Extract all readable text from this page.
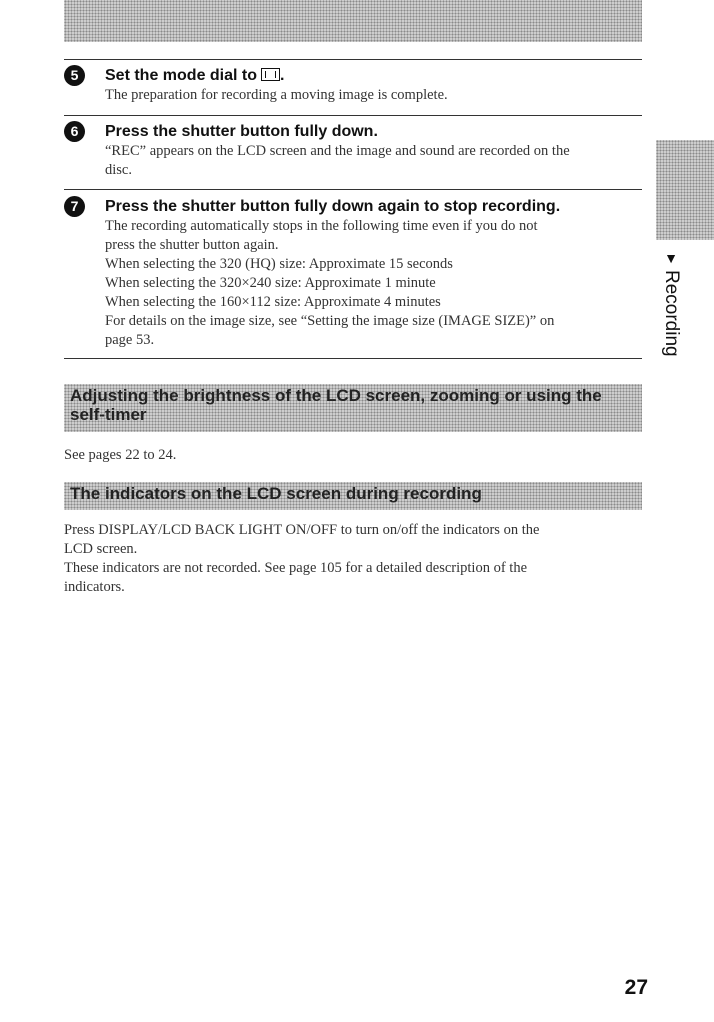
▼
Recording
5	Set the mode dial to .

The preparation for recording a moving image is complete.

6	Press the shutter button fully down.

“REC” appears on the LCD screen and the image and sound are recorded on the

disc.

7	Press the shutter button fully down again to stop recording.

The recording automatically stops in the following time even if you do not

press the shutter button again.

When selecting the 320 (HQ) size: Approximate 15 seconds

When selecting the 320×240 size: Approximate 1 minute

When selecting the 160×112 size: Approximate 4 minutes

For details on the image size, see “Setting the image size (IMAGE SIZE)” on

page 53.

Adjusting the brightness of the LCD screen, zooming or using the
self-timer

See pages 22 to 24.

The indicators on the LCD screen during recording

Press DISPLAY/LCD BACK LIGHT ON/OFF to turn on/off the indicators on the

LCD screen.

These indicators are not recorded. See page 105 for a detailed description of the

indicators.

27
